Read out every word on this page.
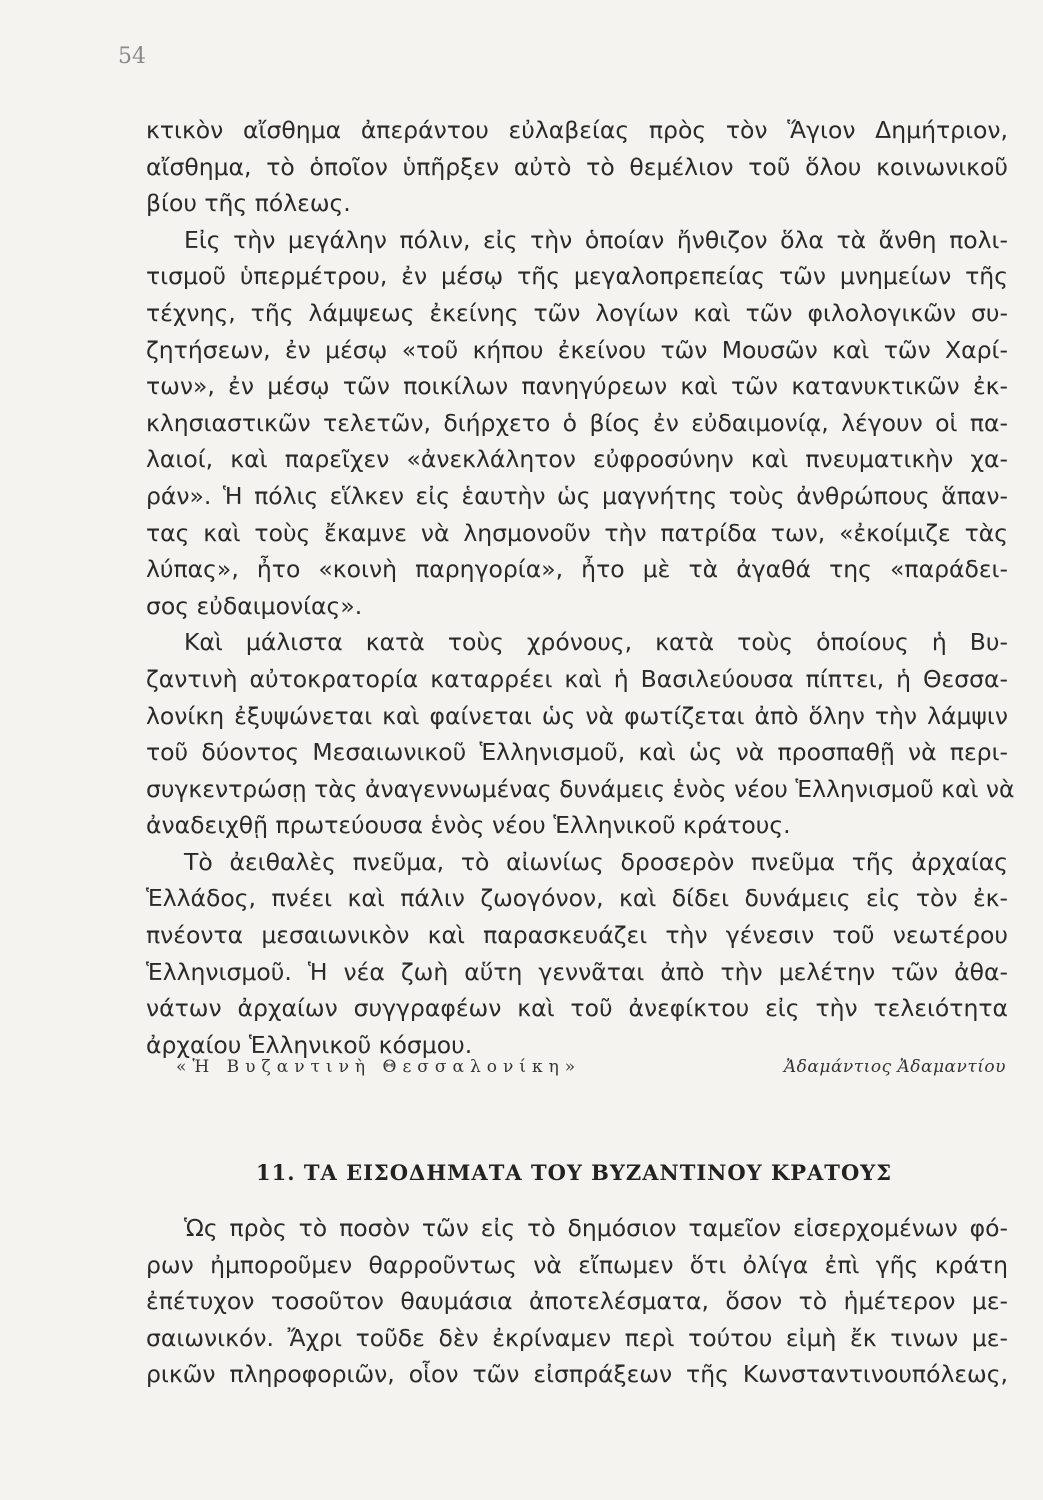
54
κτικὸν αἴσθημα ἀπεράντου εὐλαβείας πρὸς τὸν Ἅγιον Δημήτριον,
αἴσθημα, τὸ ὁποῖον ὑπῆρξεν αὐτὸ τὸ θεμέλιον τοῦ ὅλου κοινωνικοῦ
βίου τῆς πόλεως.
Εἰς τὴν μεγάλην πόλιν, εἰς τὴν ὁποίαν ἤνθιζον ὅλα τὰ ἄνθη πολι-
τισμοῦ ὑπερμέτρου, ἐν μέσῳ τῆς μεγαλοπρεπείας τῶν μνημείων τῆς
τέχνης, τῆς λάμψεως ἐκείνης τῶν λογίων καὶ τῶν φιλολογικῶν συ-
ζητήσεων, ἐν μέσῳ «τοῦ κήπου ἐκείνου τῶν Μουσῶν καὶ τῶν Χαρί-
των», ἐν μέσῳ τῶν ποικίλων πανηγύρεων καὶ τῶν κατανυκτικῶν ἐκ-
κλησιαστικῶν τελετῶν, διήρχετο ὁ βίος ἐν εὐδαιμονίᾳ, λέγουν οἱ πα-
λαιοί, καὶ παρεῖχεν «ἀνεκλάλητον εὐφροσύνην καὶ πνευματικὴν χα-
ράν». Ἡ πόλις εἵλκεν εἰς ἑαυτὴν ὡς μαγνήτης τοὺς ἀνθρώπους ἅπαν-
τας καὶ τοὺς ἔκαμνε νὰ λησμονοῦν τὴν πατρίδα των, «ἐκοίμιζε τὰς
λύπας», ἦτο «κοινὴ παρηγορία», ἦτο μὲ τὰ ἀγαθά της «παράδει-
σος εὐδαιμονίας».
Καὶ μάλιστα κατὰ τοὺς χρόνους, κατὰ τοὺς ὁποίους ἡ Βυ-
ζαντινὴ αὐτοκρατορία καταρρέει καὶ ἡ Βασιλεύουσα πίπτει, ἡ Θεσσα-
λονίκη ἐξυψώνεται καὶ φαίνεται ὡς νὰ φωτίζεται ἀπὸ ὅλην τὴν λάμψιν
τοῦ δύοντος Μεσαιωνικοῦ Ἑλληνισμοῦ, καὶ ὡς νὰ προσπαθῇ νὰ περι-
συγκεντρώσῃ τὰς ἀναγεννωμένας δυνάμεις ἑνὸς νέου Ἑλληνισμοῦ καὶ νὰ
ἀναδειχθῇ πρωτεύουσα ἑνὸς νέου Ἑλληνικοῦ κράτους.
Τὸ ἀειθαλὲς πνεῦμα, τὸ αἰωνίως δροσερὸν πνεῦμα τῆς ἀρχαίας
Ἑλλάδος, πνέει καὶ πάλιν ζωογόνον, καὶ δίδει δυνάμεις εἰς τὸν ἐκ-
πνέοντα μεσαιωνικὸν καὶ παρασκευάζει τὴν γένεσιν τοῦ νεωτέρου
Ἑλληνισμοῦ. Ἡ νέα ζωὴ αὕτη γεννᾶται ἀπὸ τὴν μελέτην τῶν ἀθα-
νάτων ἀρχαίων συγγραφέων καὶ τοῦ ἀνεφίκτου εἰς τὴν τελειότητα
ἀρχαίου Ἑλληνικοῦ κόσμου.
«Ἡ Βυζαντινὴ Θεσσαλονίκη»	Ἀδαμάντιος Ἀδαμαντίου
11. ΤΑ ΕΙΣΟΔΗΜΑΤΑ ΤΟΥ ΒΥΖΑΝΤΙΝΟΥ ΚΡΑΤΟΥΣ
Ὡς πρὸς τὸ ποσὸν τῶν εἰς τὸ δημόσιον ταμεῖον εἰσερχομένων φό-
ρων ἠμποροῦμεν θαρροῦντως νὰ εἴπωμεν ὅτι ὀλίγα ἐπὶ γῆς κράτη
ἐπέτυχον τοσοῦτον θαυμάσια ἀποτελέσματα, ὅσον τὸ ἡμέτερον με-
σαιωνικόν. Ἄχρι τοῦδε δὲν ἐκρίναμεν περὶ τούτου εἰμὴ ἔκ τινων με-
ρικῶν πληροφοριῶν, οἷον τῶν εἰσπράξεων τῆς Κωνσταντινουπόλεως,
